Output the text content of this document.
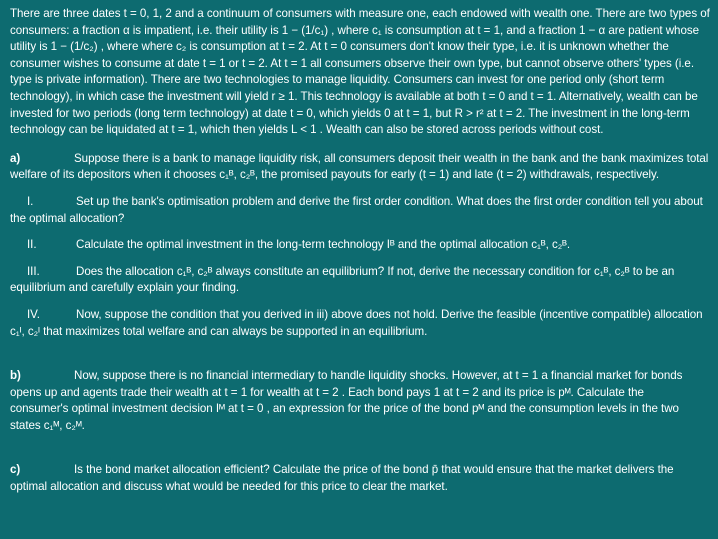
There are three dates t = 0, 1, 2 and a continuum of consumers with measure one, each endowed with wealth one. There are two types of
consumers: a fraction α is impatient, i.e. their utility is 1 − (1/c₁) , where c₁ is consumption at t = 1, and a fraction 1 − α are patient whose
utility is 1 − (1/c₂) , where where c₂ is consumption at t = 2. At t = 0 consumers don't know their type, i.e. it is unknown whether the
consumer wishes to consume at date t = 1 or t = 2. At t = 1 all consumers observe their own type, but cannot observe others' types (i.e.
type is private information). There are two technologies to manage liquidity. Consumers can invest for one period only (short term
technology), in which case the investment will yield r ≥ 1. This technology is available at both t = 0 and t = 1. Alternatively, wealth can be
invested for two periods (long term technology) at date t = 0, which yields 0 at t = 1, but R > r² at t = 2. The investment in the long-term
technology can be liquidated at t = 1, which then yields L < 1 . Wealth can also be stored across periods without cost.
a)	Suppose there is a bank to manage liquidity risk, all consumers deposit their wealth in the bank and the bank maximizes total
welfare of its depositors when it chooses c₁ᴮ, c₂ᴮ, the promised payouts for early (t = 1) and late (t = 2) withdrawals, respectively.
I.	Set up the bank's optimisation problem and derive the first order condition. What does the first order condition tell you about
the optimal allocation?
II.	Calculate the optimal investment in the long-term technology Iᴮ and the optimal allocation c₁ᴮ, c₂ᴮ.
III.	Does the allocation c₁ᴮ, c₂ᴮ always constitute an equilibrium? If not, derive the necessary condition for c₁ᴮ, c₂ᴮ to be an
equilibrium and carefully explain your finding.
IV.	Now, suppose the condition that you derived in iii) above does not hold. Derive the feasible (incentive compatible) allocation
c₁ᴵ, c₂ᴵ that maximizes total welfare and can always be supported in an equilibrium.
b)	Now, suppose there is no financial intermediary to handle liquidity shocks. However, at t = 1 a financial market for bonds
opens up and agents trade their wealth at t = 1 for wealth at t = 2 . Each bond pays 1 at t = 2 and its price is pᴹ. Calculate the
consumer's optimal investment decision Iᴹ at t = 0 , an expression for the price of the bond pᴹ and the consumption levels in the two
states c₁ᴹ, c₂ᴹ.
c)	Is the bond market allocation efficient? Calculate the price of the bond p̄ that would ensure that the market delivers the
optimal allocation and discuss what would be needed for this price to clear the market.
